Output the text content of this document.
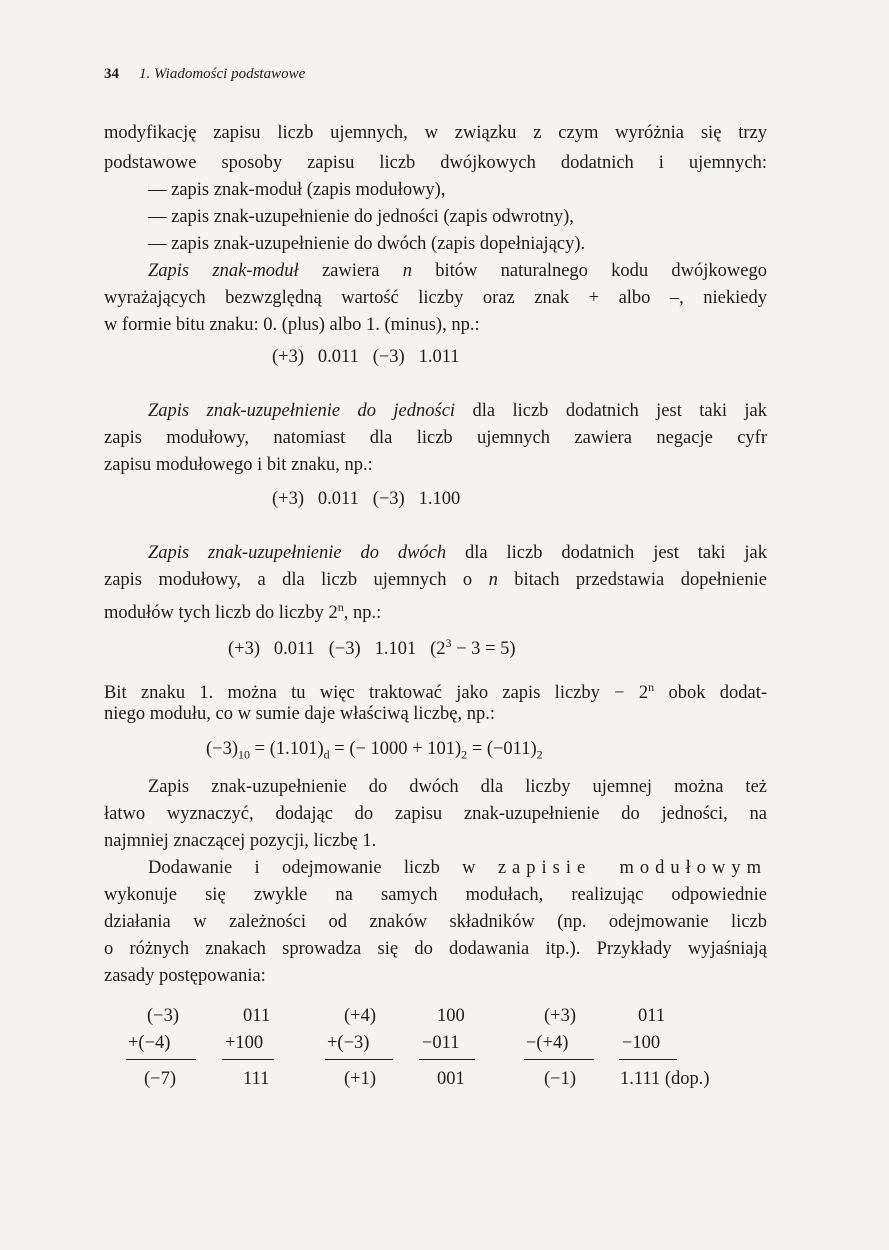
34 1. Wiadomości podstawowe
modyfikację zapisu liczb ujemnych, w związku z czym wyróżnia się trzy
podstawowe sposoby zapisu liczb dwójkowych dodatnich i ujemnych:
— zapis znak-moduł (zapis modułowy),
— zapis znak-uzupełnienie do jedności (zapis odwrotny),
— zapis znak-uzupełnienie do dwóch (zapis dopełniający).
Zapis znak-moduł zawiera n bitów naturalnego kodu dwójkowego
wyrażających bezwzględną wartość liczby oraz znak + albo –, niekiedy
w formie bitu znaku: 0. (plus) albo 1. (minus), np.:
(+3)   0.011   (−3)   1.011
Zapis znak-uzupełnienie do jedności dla liczb dodatnich jest taki jak
zapis modułowy, natomiast dla liczb ujemnych zawiera negacje cyfr
zapisu modułowego i bit znaku, np.:
(+3)   0.011   (−3)   1.100
Zapis znak-uzupełnienie do dwóch dla liczb dodatnich jest taki jak
zapis modułowy, a dla liczb ujemnych o n bitach przedstawia dopełnienie
modułów tych liczb do liczby 2$^n$, np.:
(+3)   0.011   (−3)   1.101   $(2^3 - 3 = 5)$
Bit znaku 1. można tu więc traktować jako zapis liczby − $2^n$ obok dodat-
niego modułu, co w sumie daje właściwą liczbę, np.:
$(-3)_{10} = (1.101)_d$ = (− $1000 + 101)_2 = (-011)_2$
Zapis znak-uzupełnienie do dwóch dla liczby ujemnej można też
łatwo wyznaczyć, dodając do zapisu znak-uzupełnienie do jedności, na
najmniej znaczącej pozycji, liczbę 1.
Dodawanie i odejmowanie liczb w zapisie modułowym
wykonuje się zwykle na samych modułach, realizując odpowiednie
działania w zależności od znaków składników (np. odejmowanie liczb
o różnych znakach sprowadza się do dodawania itp.). Przykłady wyjaśniają
zasady postępowania:
(−3)
+(−4)
(−7)
011
+100
111
(+4)
+(−3)
(+1)
100
−011
001
(+3)
−(+4)
(−1)
011
−100
1.111 (dop.)
